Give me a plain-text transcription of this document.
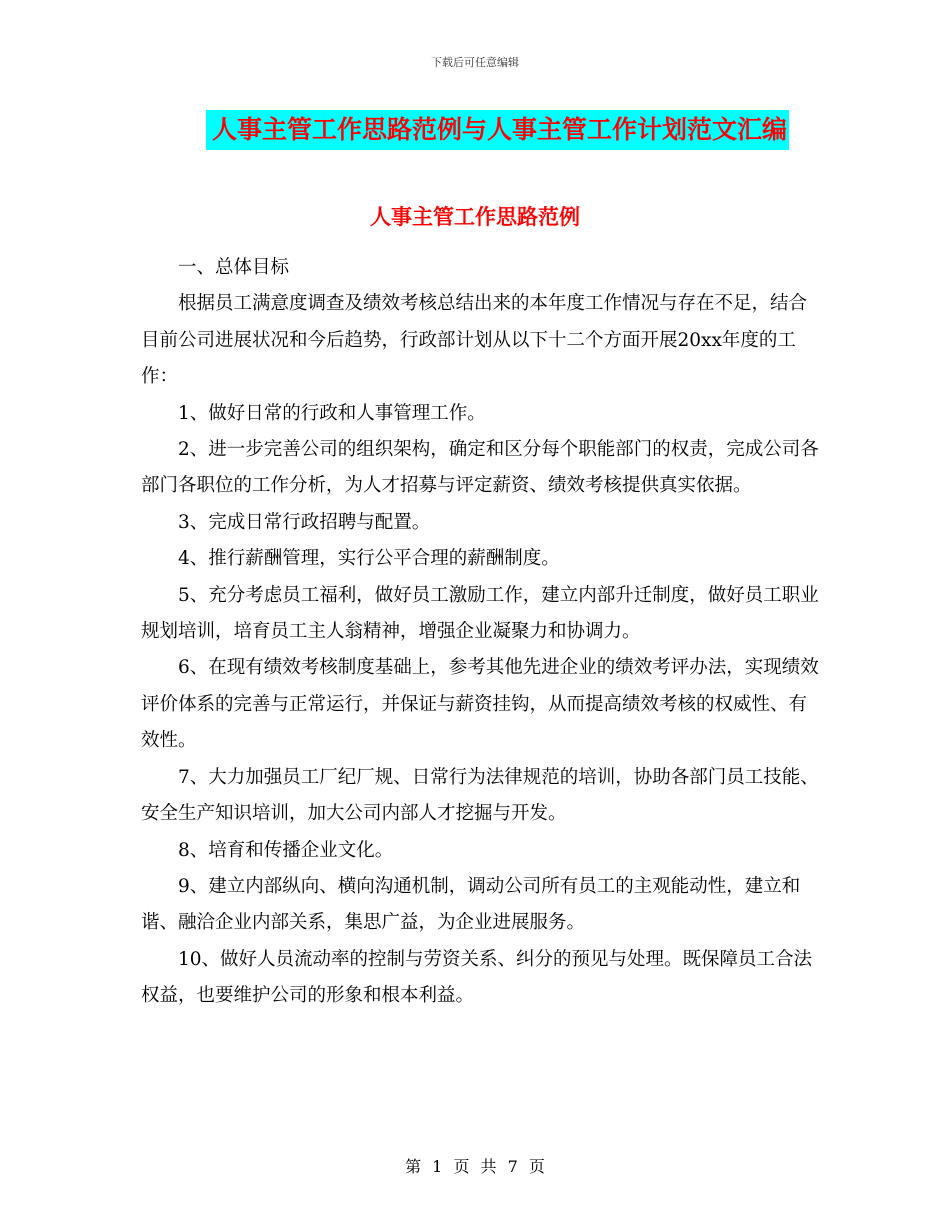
下载后可任意编辑
人事主管工作思路范例与人事主管工作计划范文汇编
人事主管工作思路范例

一、总体目标

根据员工满意度调查及绩效考核总结出来的本年度工作情况与存在不足，结合目前公司进展状况和今后趋势，行政部计划从以下十二个方面开展20xx年度的工作：

1、做好日常的行政和人事管理工作。

2、进一步完善公司的组织架构，确定和区分每个职能部门的权责，完成公司各部门各职位的工作分析，为人才招募与评定薪资、绩效考核提供真实依据。

3、完成日常行政招聘与配置。

4、推行薪酬管理，实行公平合理的薪酬制度。

5、充分考虑员工福利，做好员工激励工作，建立内部升迁制度，做好员工职业规划培训，培育员工主人翁精神，增强企业凝聚力和协调力。

6、在现有绩效考核制度基础上，参考其他先进企业的绩效考评办法，实现绩效评价体系的完善与正常运行，并保证与薪资挂钩，从而提高绩效考核的权威性、有效性。

7、大力加强员工厂纪厂规、日常行为法律规范的培训，协助各部门员工技能、安全生产知识培训，加大公司内部人才挖掘与开发。

8、培育和传播企业文化。

9、建立内部纵向、横向沟通机制，调动公司所有员工的主观能动性，建立和谐、融洽企业内部关系，集思广益，为企业进展服务。

10、做好人员流动率的控制与劳资关系、纠分的预见与处理。既保障员工合法权益，也要维护公司的形象和根本利益。

第 1 页 共 7 页
